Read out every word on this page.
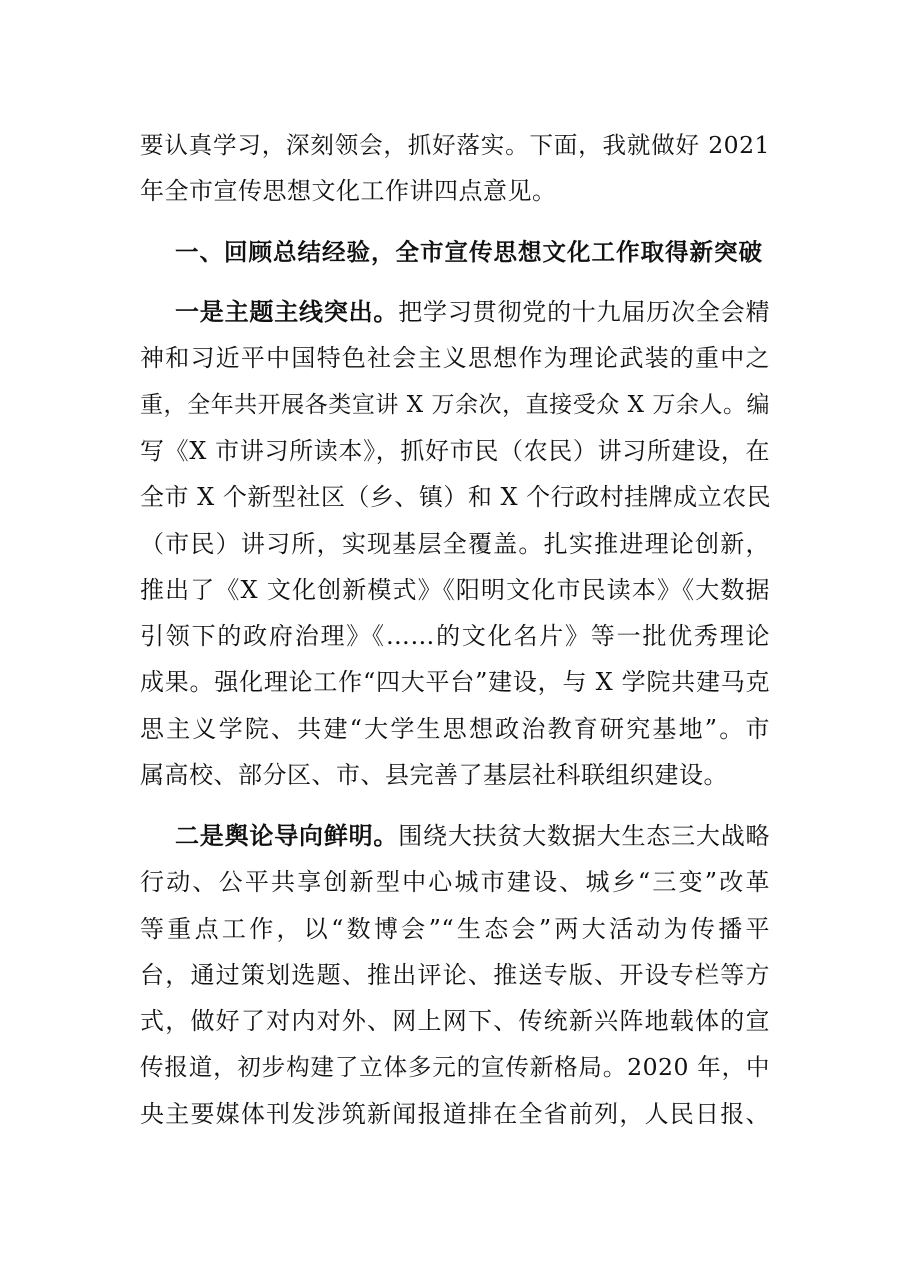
要认真学习，深刻领会，抓好落实。下面，我就做好 2021
年全市宣传思想文化工作讲四点意见。
一、回顾总结经验，全市宣传思想文化工作取得新突破
一是主题主线突出。把学习贯彻党的十九届历次全会精
神和习近平中国特色社会主义思想作为理论武装的重中之
重，全年共开展各类宣讲 X 万余次，直接受众 X 万余人。编
写《X 市讲习所读本》，抓好市民（农民）讲习所建设，在
全市 X 个新型社区（乡、镇）和 X 个行政村挂牌成立农民
（市民）讲习所，实现基层全覆盖。扎实推进理论创新，
推出了《X 文化创新模式》《阳明文化市民读本》《大数据
引领下的政府治理》《……的文化名片》等一批优秀理论
成果。强化理论工作“四大平台”建设，与 X 学院共建马克
思主义学院、共建“大学生思想政治教育研究基地”。市
属高校、部分区、市、县完善了基层社科联组织建设。
二是舆论导向鲜明。围绕大扶贫大数据大生态三大战略
行动、公平共享创新型中心城市建设、城乡“三变”改革
等重点工作，以“数博会”“生态会”两大活动为传播平
台，通过策划选题、推出评论、推送专版、开设专栏等方
式，做好了对内对外、网上网下、传统新兴阵地载体的宣
传报道，初步构建了立体多元的宣传新格局。2020 年，中
央主要媒体刊发涉筑新闻报道排在全省前列，人民日报、
